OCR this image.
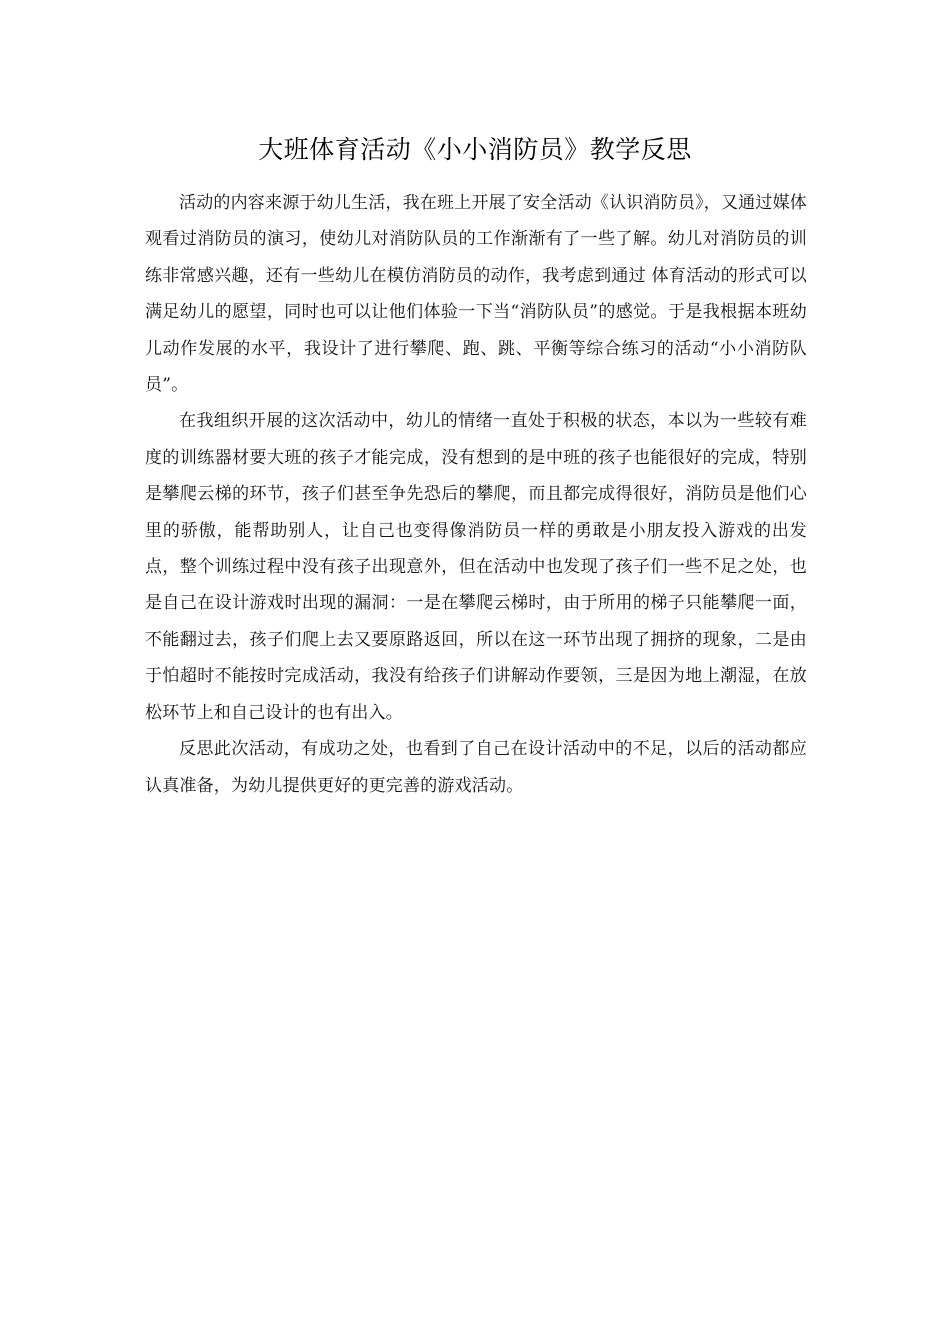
大班体育活动《小小消防员》教学反思

活动的内容来源于幼儿生活，我在班上开展了安全活动《认识消防员》，又通过媒体观看过消防员的演习，使幼儿对消防队员的工作渐渐有了一些了解。幼儿对消防员的训练非常感兴趣，还有一些幼儿在模仿消防员的动作，我考虑到通过 体育活动的形式可以满足幼儿的愿望，同时也可以让他们体验一下当“消防队员”的感觉。于是我根据本班幼儿动作发展的水平，我设计了进行攀爬、跑、跳、平衡等综合练习的活动“小小消防队员”。

在我组织开展的这次活动中，幼儿的情绪一直处于积极的状态，本以为一些较有难度的训练器材要大班的孩子才能完成，没有想到的是中班的孩子也能很好的完成，特别是攀爬云梯的环节，孩子们甚至争先恐后的攀爬，而且都完成得很好，消防员是他们心里的骄傲，能帮助别人，让自己也变得像消防员一样的勇敢是小朋友投入游戏的出发点，整个训练过程中没有孩子出现意外，但在活动中也发现了孩子们一些不足之处，也是自己在设计游戏时出现的漏洞：一是在攀爬云梯时，由于所用的梯子只能攀爬一面，不能翻过去，孩子们爬上去又要原路返回，所以在这一环节出现了拥挤的现象，二是由于怕超时不能按时完成活动，我没有给孩子们讲解动作要领，三是因为地上潮湿，在放松环节上和自己设计的也有出入。

反思此次活动，有成功之处，也看到了自己在设计活动中的不足，以后的活动都应认真准备，为幼儿提供更好的更完善的游戏活动。
